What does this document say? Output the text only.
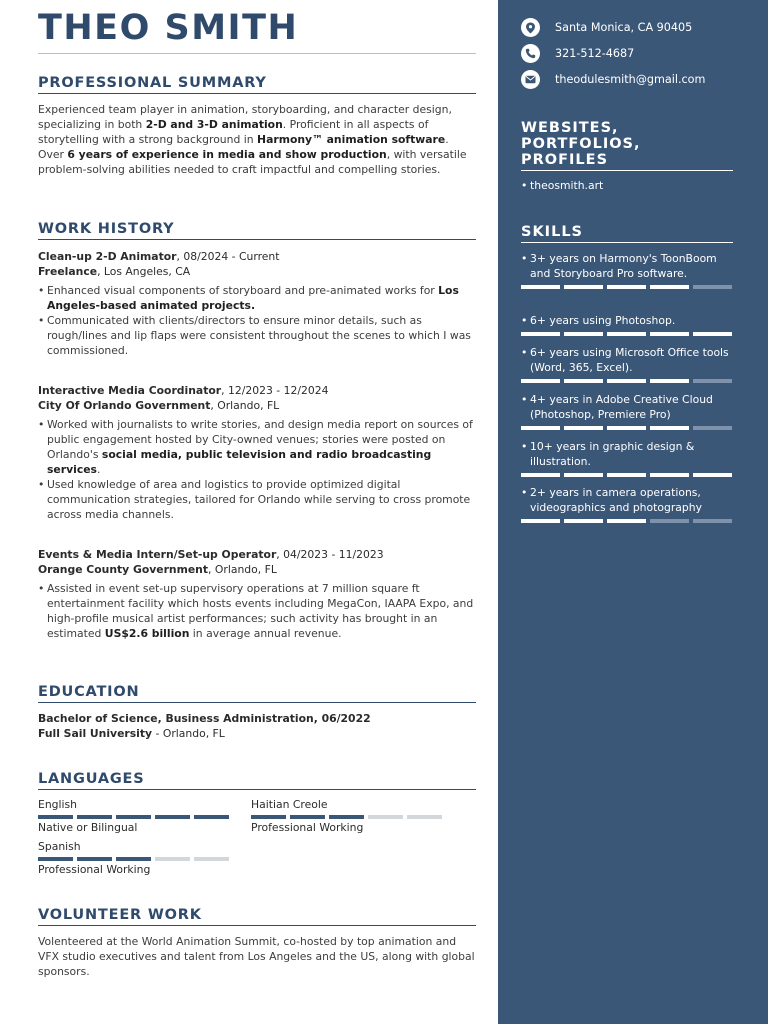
THEO SMITH
PROFESSIONAL SUMMARY
Experienced team player in animation, storyboarding, and character design, specializing in both 2-D and 3-D animation. Proficient in all aspects of storytelling with a strong background in Harmony™ animation software. Over 6 years of experience in media and show production, with versatile problem-solving abilities needed to craft impactful and compelling stories.
WORK HISTORY
Clean-up 2-D Animator, 08/2024 - Current
Freelance, Los Angeles, CA
• Enhanced visual components of storyboard and pre-animated works for Los Angeles-based animated projects.
• Communicated with clients/directors to ensure minor details, such as rough/lines and lip flaps were consistent throughout the scenes to which I was commissioned.
Interactive Media Coordinator, 12/2023 - 12/2024
City Of Orlando Government, Orlando, FL
• Worked with journalists to write stories, and design media report on sources of public engagement hosted by City-owned venues; stories were posted on Orlando's social media, public television and radio broadcasting services.
• Used knowledge of area and logistics to provide optimized digital communication strategies, tailored for Orlando while serving to cross promote across media channels.
Events & Media Intern/Set-up Operator, 04/2023 - 11/2023
Orange County Government, Orlando, FL
• Assisted in event set-up supervisory operations at 7 million square ft entertainment facility which hosts events including MegaCon, IAAPA Expo, and high-profile musical artist performances; such activity has brought in an estimated US$2.6 billion in average annual revenue.
EDUCATION
Bachelor of Science, Business Administration, 06/2022
Full Sail University - Orlando, FL
LANGUAGES
English
Native or Bilingual
Haitian Creole
Professional Working
Spanish
Professional Working
VOLUNTEER WORK
Volenteered at the World Animation Summit, co-hosted by top animation and VFX studio executives and talent from Los Angeles and the US, along with global sponsors.
Santa Monica, CA 90405
321-512-4687
theodulesmith@gmail.com
WEBSITES,
PORTFOLIOS,
PROFILES
• theosmith.art
SKILLS
• 3+ years on Harmony's ToonBoom and Storyboard Pro software.
• 6+ years using Photoshop.
• 6+ years using Microsoft Office tools (Word, 365, Excel).
• 4+ years in Adobe Creative Cloud (Photoshop, Premiere Pro)
• 10+ years in graphic design & illustration.
• 2+ years in camera operations, videographics and photography
